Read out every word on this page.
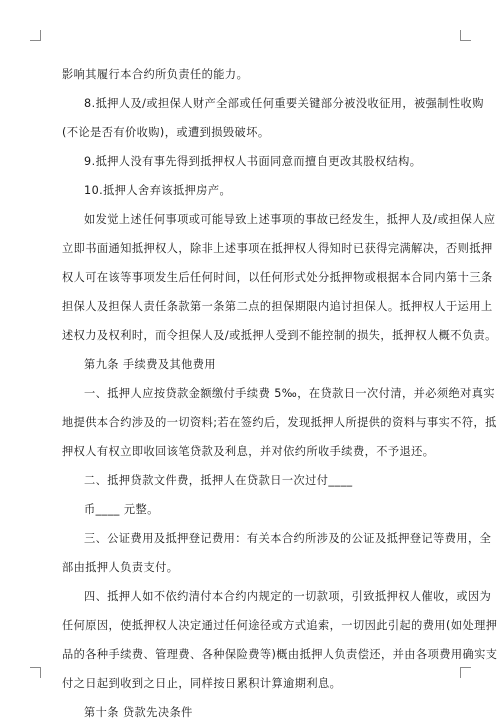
影响其履行本合约所负责任的能力。
8.抵押人及/或担保人财产全部或任何重要关键部分被没收征用，被强制性收购
(不论是否有价收购)，或遭到损毁破坏。
9.抵押人没有事先得到抵押权人书面同意而擅自更改其股权结构。
10.抵押人舍弃该抵押房产。
如发觉上述任何事项或可能导致上述事项的事故已经发生，抵押人及/或担保人应
立即书面通知抵押权人，除非上述事项在抵押权人得知时已获得完满解决，否则抵押
权人可在该等事项发生后任何时间，以任何形式处分抵押物或根据本合同内第十三条
担保人及担保人责任条款第一条第二点的担保期限内追讨担保人。抵押权人于运用上
述权力及权利时，而令担保人及/或抵押人受到不能控制的损失，抵押权人概不负责。
第九条 手续费及其他费用
一、抵押人应按贷款金额缴付手续费 5‰，在贷款日一次付清，并必须绝对真实
地提供本合约涉及的一切资料;若在签约后，发现抵押人所提供的资料与事实不符，抵
押权人有权立即收回该笔贷款及利息，并对依约所收手续费，不予退还。
二、抵押贷款文件费，抵押人在贷款日一次过付____
币____ 元整。
三、公证费用及抵押登记费用：有关本合约所涉及的公证及抵押登记等费用，全
部由抵押人负责支付。
四、抵押人如不依约清付本合约内规定的一切款项，引致抵押权人催收，或因为
任何原因，使抵押权人决定通过任何途径或方式追索，一切因此引起的费用(如处理押
品的各种手续费、管理费、各种保险费等)概由抵押人负责偿还，并由各项费用确实支
付之日起到收到之日止，同样按日累积计算逾期利息。
第十条 贷款先决条件
